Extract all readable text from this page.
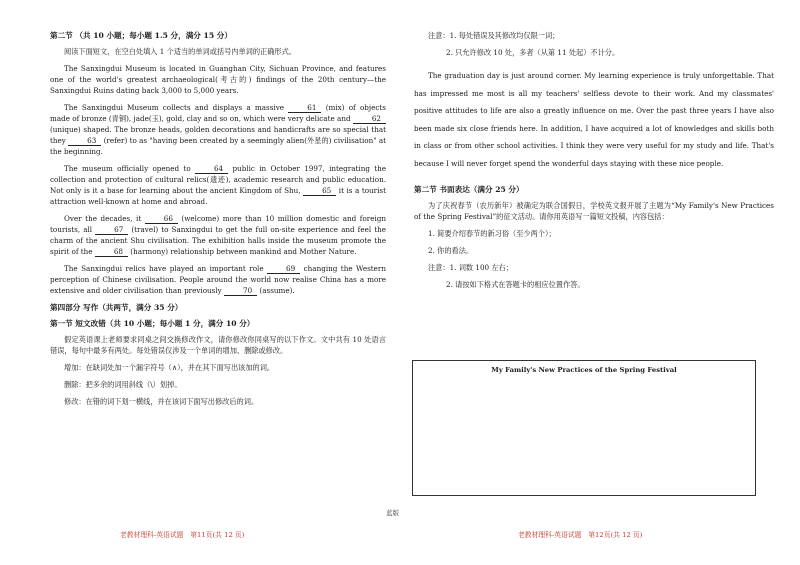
第二节 （共 10 小题；每小题 1.5 分，满分 15 分）

阅读下面短文，在空白处填入 1 个适当的单词或括号内单词的正确形式。

The Sanxingdui Museum is located in Guanghan City, Sichuan Province, and features one of the world's greatest archaeological(考古的) findings of the 20th century—the Sanxingdui Ruins dating back 3,000 to 5,000 years.

The Sanxingdui Museum collects and displays a massive	61 (mix) of objects made of bronze (青铜), jade(玉), gold, clay and so on, which were very delicate and	62 (unique) shaped. The bronze heads, golden decorations and handicrafts are so special that they	63 (refer) to as "having been created by a seemingly alien(外星的) civilisation" at the beginning.

The museum officially opened to	64 public in October 1997, integrating the collection and protection of cultural relics(遗迹), academic research and public education. Not only is it a base for learning about the ancient Kingdom of Shu,	65 it is a tourist attraction well-known at home and abroad.

Over the decades, it	66 (welcome) more than 10 million domestic and foreign tourists, all	67 (travel) to Sanxingdui to get the full on-site experience and feel the charm of the ancient Shu civilisation. The exhibition halls inside the museum promote the spirit of the	68 (harmony) relationship between mankind and Mother Nature.

The Sanxingdui relics have played an important role	69 changing the Western perception of Chinese civilisation. People around the world now realise China has a more extensive and older civilisation than previously	70 (assume).

第四部分 写作（共两节，满分 35 分）

第一节 短文改错（共 10 小题；每小题 1 分，满分 10 分）

假定英语课上老师要求同桌之间交换修改作文，请你修改你同桌写的以下作文。文中共有 10 处语言错误，每句中最多有两处。每处错误仅涉及一个单词的增加、删除或修改。

增加：在缺词处加一个漏字符号（∧），并在其下面写出该加的词。

删除：把多余的词用斜线（\）划掉。

修改：在错的词下划一横线，并在该词下面写出修改后的词。

老教材理科-英语试题　第11页(共 12 页)
蓝版

注意：1. 每处错误及其修改均仅限一词；

2. 只允许修改 10 处，多者（从第 11 处起）不计分。

The graduation day is just around corner. My learning experience is truly unforgettable. That has impressed me most is all my teachers' selfless devote to their work. And my classmates' positive attitudes to life are also a greatly influence on me. Over the past three years I have also been made six close friends here. In addition, I have acquired a lot of knowledges and skills both in class or from other school activities. I think they were very useful for my study and life. That's because I will never forget spend the wonderful days staying with these nice people.

第二节 书面表达（满分 25 分）

为了庆祝春节（农历新年）被确定为联合国假日，学校英文报开展了主题为“My Family's New Practices of the Spring Festival”的征文活动。请你用英语写一篇短文投稿，内容包括：

1. 简要介绍春节的新习俗（至少两个）；

2. 你的看法。

注意：1. 词数 100 左右；

2. 请按如下格式在答题卡的相应位置作答。

My Family's New Practices of the Spring Festival
老教材理科-英语试题　第12页(共 12 页)
